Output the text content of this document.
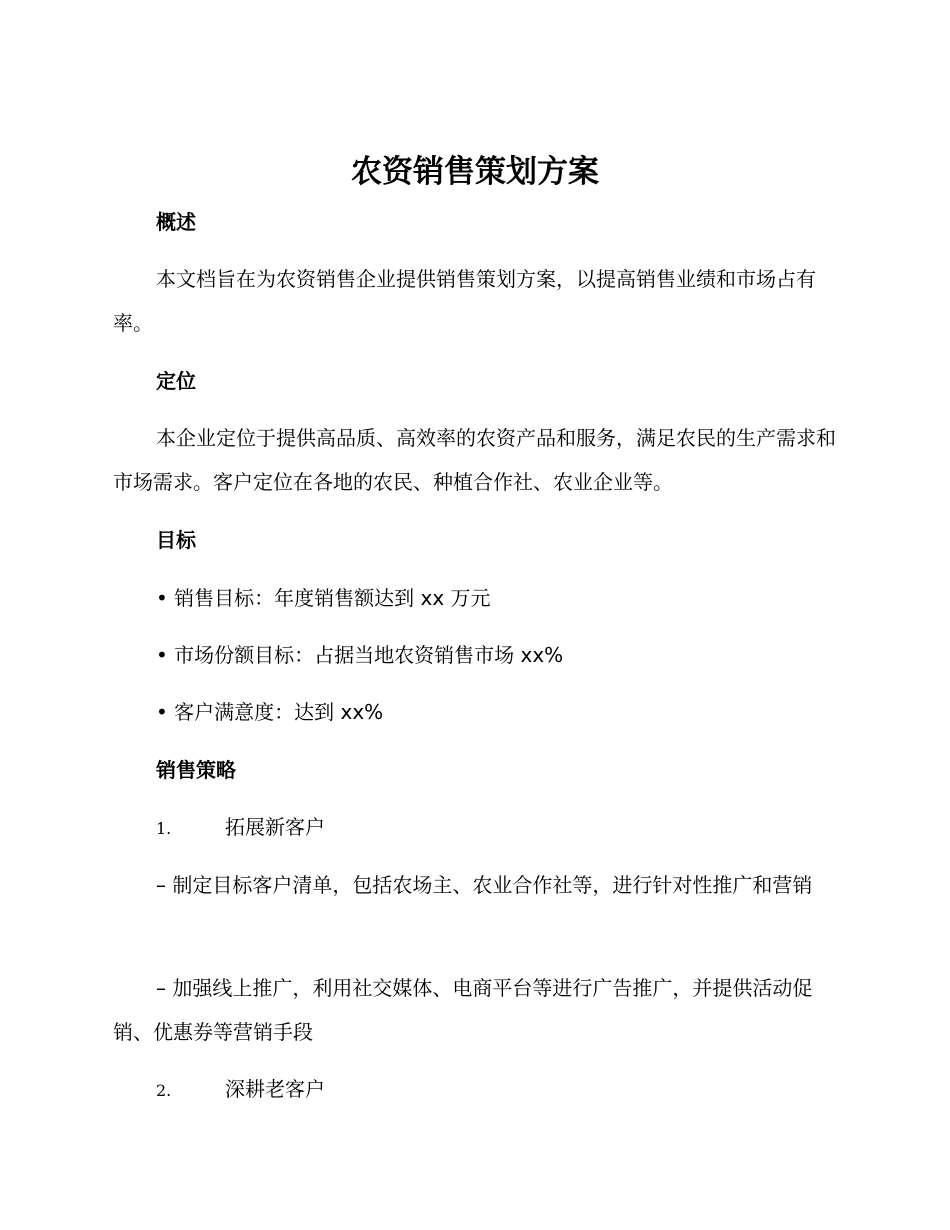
农资销售策划方案
概述

本文档旨在为农资销售企业提供销售策划方案，以提高销售业绩和市场占有率。

定位

本企业定位于提供高品质、高效率的农资产品和服务，满足农民的生产需求和市场需求。客户定位在各地的农民、种植合作社、农业企业等。

目标

• 销售目标：年度销售额达到 xx 万元

• 市场份额目标：占据当地农资销售市场 xx%

• 客户满意度：达到 xx%

销售策略

1.	拓展新客户

– 制定目标客户清单，包括农场主、农业合作社等，进行针对性推广和营销

– 加强线上推广，利用社交媒体、电商平台等进行广告推广，并提供活动促销、优惠券等营销手段

2.	深耕老客户
